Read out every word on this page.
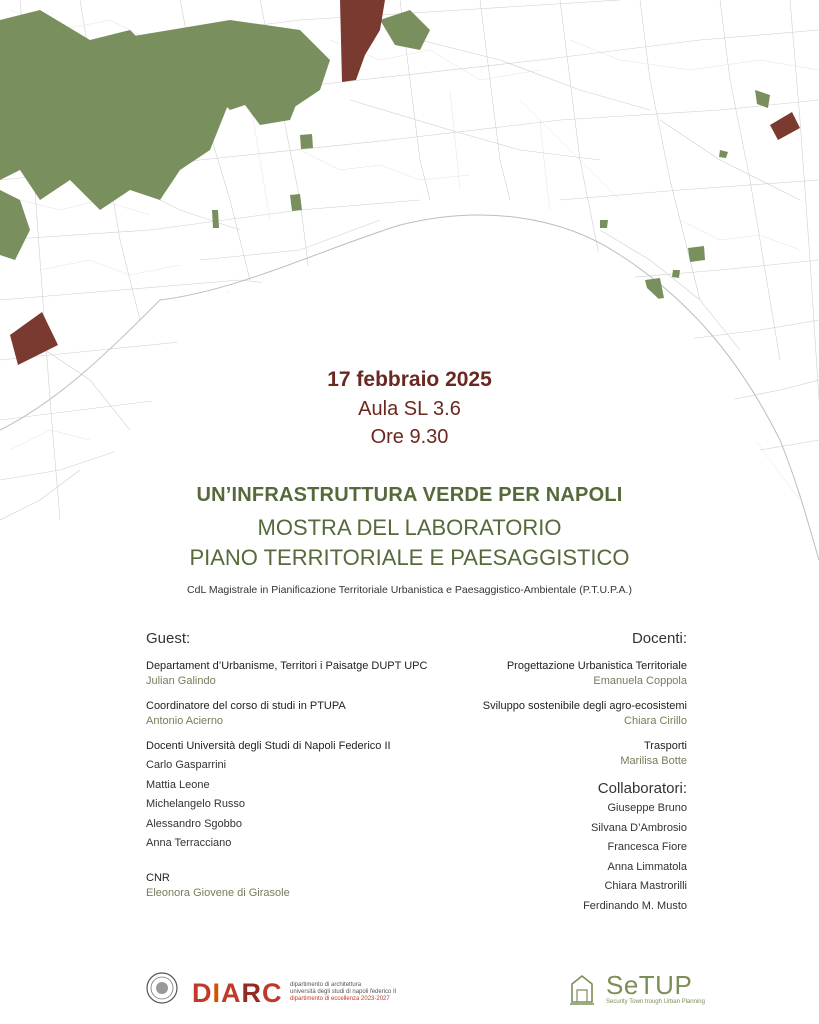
17 febbraio 2025
Aula SL 3.6
Ore 9.30
UN’INFRASTRUTTURA VERDE PER NAPOLI
MOSTRA DEL LABORATORIO
PIANO TERRITORIALE E PAESAGGISTICO
CdL Magistrale in Pianificazione Territoriale Urbanistica e Paesaggistico-Ambientale (P.T.U.P.A.)
Guest:
Departament d’Urbanisme, Territori i Paisatge DUPT UPC
Julian Galindo
Coordinatore del corso di studi in PTUPA
Antonio Acierno
Docenti Università degli Studi di Napoli Federico II
Carlo Gasparrini
Mattia Leone
Michelangelo Russo
Alessandro Sgobbo
Anna Terracciano
CNR
Eleonora Giovene di Girasole
Docenti:
Progettazione Urbanistica Territoriale
Emanuela Coppola
Sviluppo sostenibile degli agro-ecosistemi
Chiara Cirillo
Trasporti
Marilisa Botte
Collaboratori:
Giuseppe Bruno
Silvana D’Ambrosio
Francesca Fiore
Anna Limmatola
Chiara Mastrorilli
Ferdinando M. Musto
DIARC dipartimento di architettura
università degli studi di napoli federico II
dipartimento di eccellenza 2023-2027	SeTUP
Security Town trough Urban Planning
